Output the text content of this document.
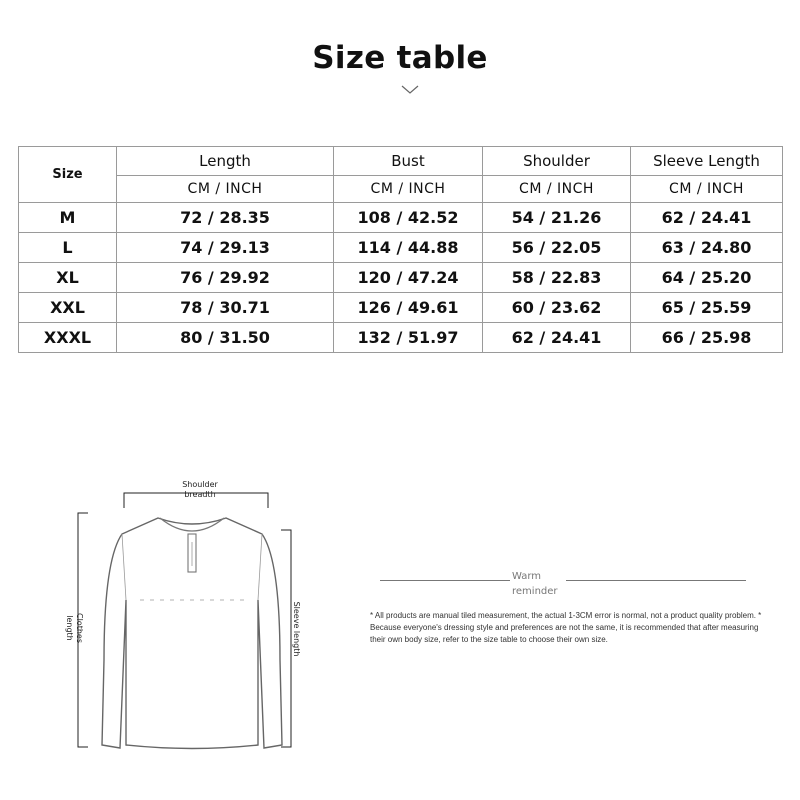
Size table
Size	Length	Bust	Shoulder	Sleeve Length
	CM / INCH	CM / INCH	CM / INCH	CM / INCH
M	72 / 28.35	108 / 42.52	54 / 21.26	62 / 24.41
L	74 / 29.13	114 / 44.88	56 / 22.05	63 / 24.80
XL	76 / 29.92	120 / 47.24	58 / 22.83	64 / 25.20
XXL	78 / 30.71	126 / 49.61	60 / 23.62	65 / 25.59
XXXL	80 / 31.50	132 / 51.97	62 / 24.41	66 / 25.98
Shoulder breadth
Clothes length	Sleeve length
Warm reminder
* All products are manual tiled measurement, the actual 1-3CM error is normal, not a product quality problem. * Because everyone's dressing style and preferences are not the same, it is recommended that after measuring their own body size, refer to the size table to choose their own size.
